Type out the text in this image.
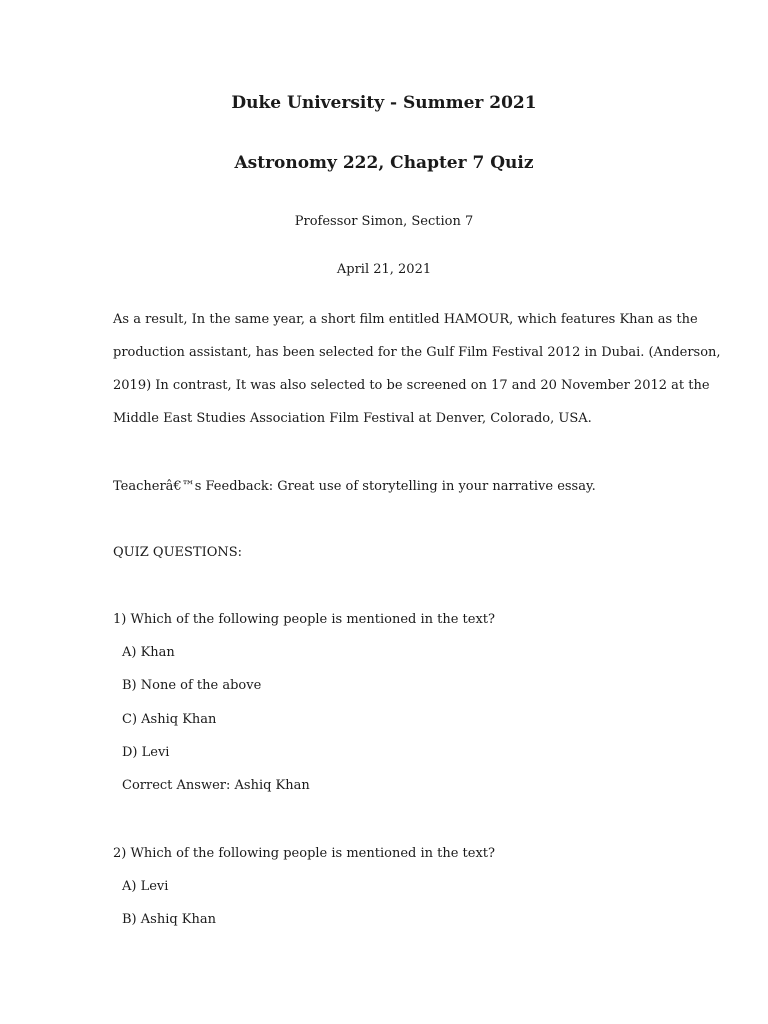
Duke University - Summer 2021
Astronomy 222, Chapter 7 Quiz
Professor Simon, Section 7
April 21, 2021
As a result, In the same year, a short film entitled HAMOUR, which features Khan as the
production assistant, has been selected for the Gulf Film Festival 2012 in Dubai. (Anderson,
2019) In contrast, It was also selected to be screened on 17 and 20 November 2012 at the
Middle East Studies Association Film Festival at Denver, Colorado, USA.
Teacherâ€™s Feedback: Great use of storytelling in your narrative essay.
QUIZ QUESTIONS:
1) Which of the following people is mentioned in the text?
A) Khan
B) None of the above
C) Ashiq Khan
D) Levi
Correct Answer: Ashiq Khan
2) Which of the following people is mentioned in the text?
A) Levi
B) Ashiq Khan
